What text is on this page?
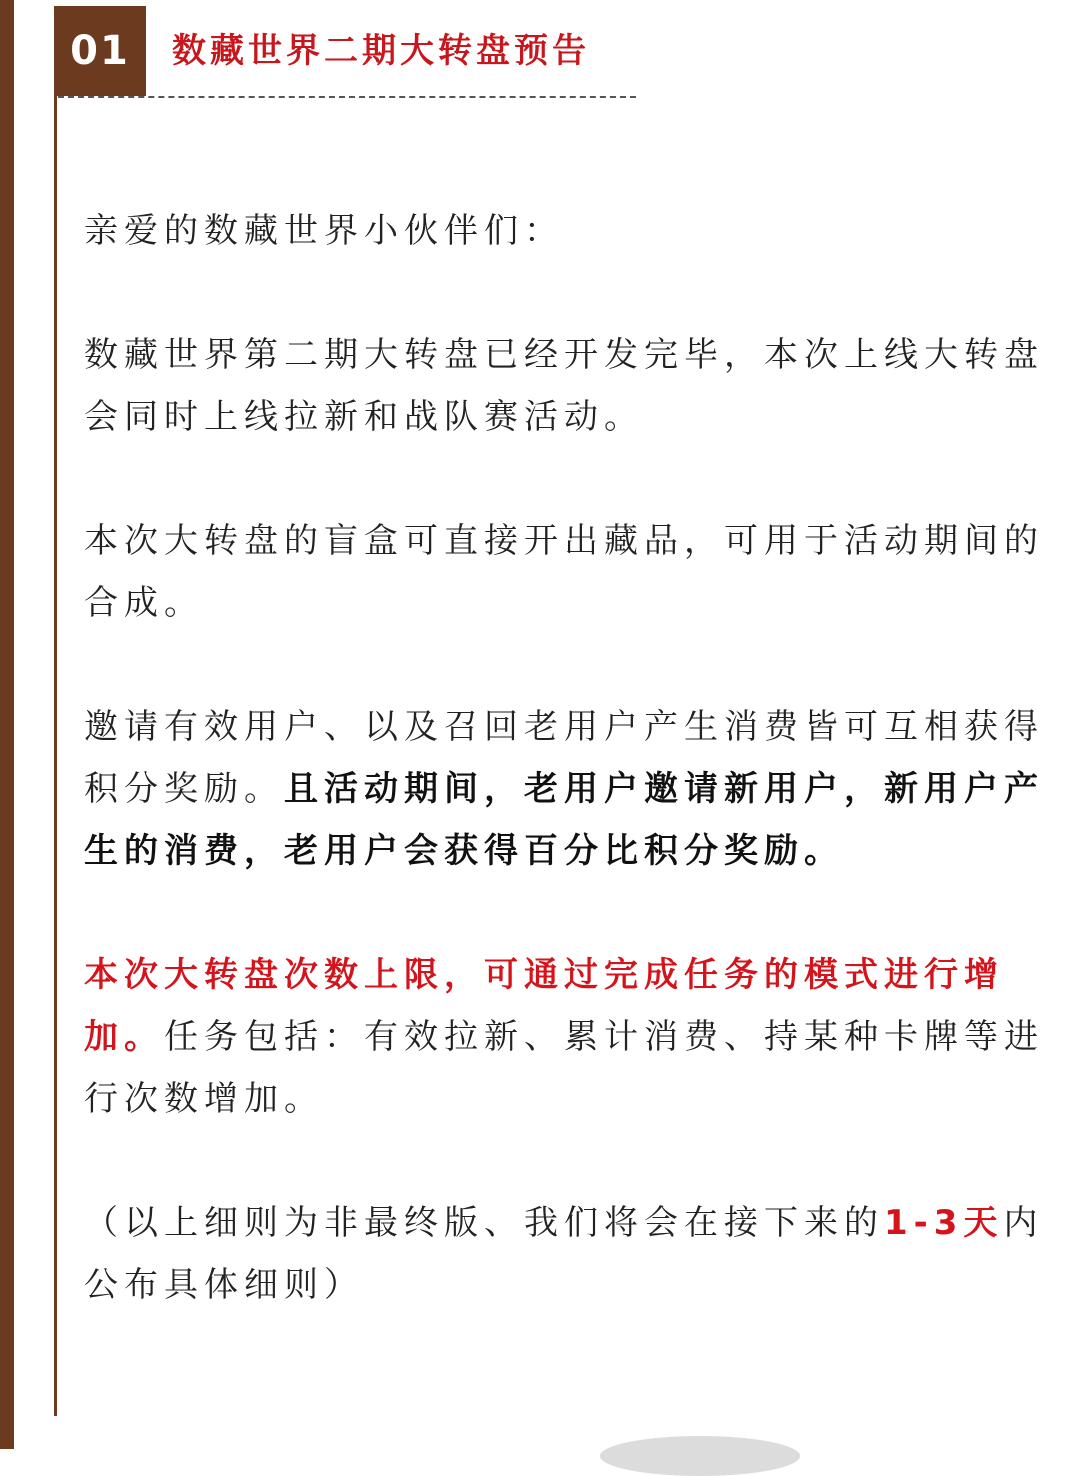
01	数藏世界二期大转盘预告

亲爱的数藏世界小伙伴们：

数藏世界第二期大转盘已经开发完毕，本次上线大转盘会同时上线拉新和战队赛活动。

本次大转盘的盲盒可直接开出藏品，可用于活动期间的合成。

邀请有效用户、以及召回老用户产生消费皆可互相获得积分奖励。且活动期间，老用户邀请新用户，新用户产生的消费，老用户会获得百分比积分奖励。

本次大转盘次数上限，可通过完成任务的模式进行增加。任务包括：有效拉新、累计消费、持某种卡牌等进行次数增加。

（以上细则为非最终版、我们将会在接下来的1-3天内公布具体细则）
